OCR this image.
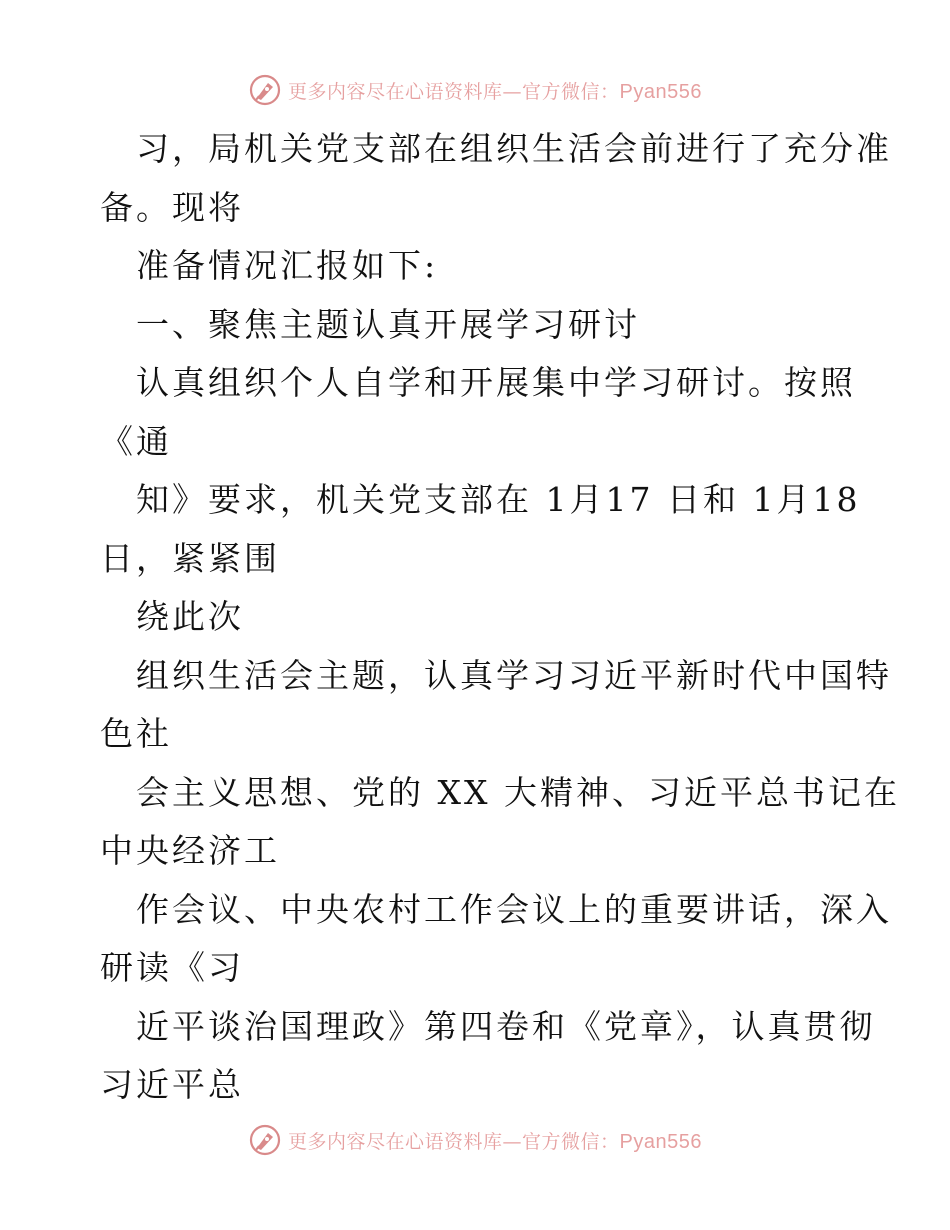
更多内容尽在心语资料库—官方微信：Pyan556
习，局机关党支部在组织生活会前进行了充分准
备。现将
准备情况汇报如下:
一、聚焦主题认真开展学习研讨
认真组织个人自学和开展集中学习研讨。按照
《通
知》要求，机关党支部在 1月17 日和 1月18
日，紧紧围
绕此次
组织生活会主题，认真学习习近平新时代中国特
色社
会主义思想、党的 XX 大精神、习近平总书记在
中央经济工
作会议、中央农村工作会议上的重要讲话，深入
研读《习
近平谈治国理政》第四卷和《党章》，认真贯彻
习近平总
更多内容尽在心语资料库—官方微信：Pyan556
